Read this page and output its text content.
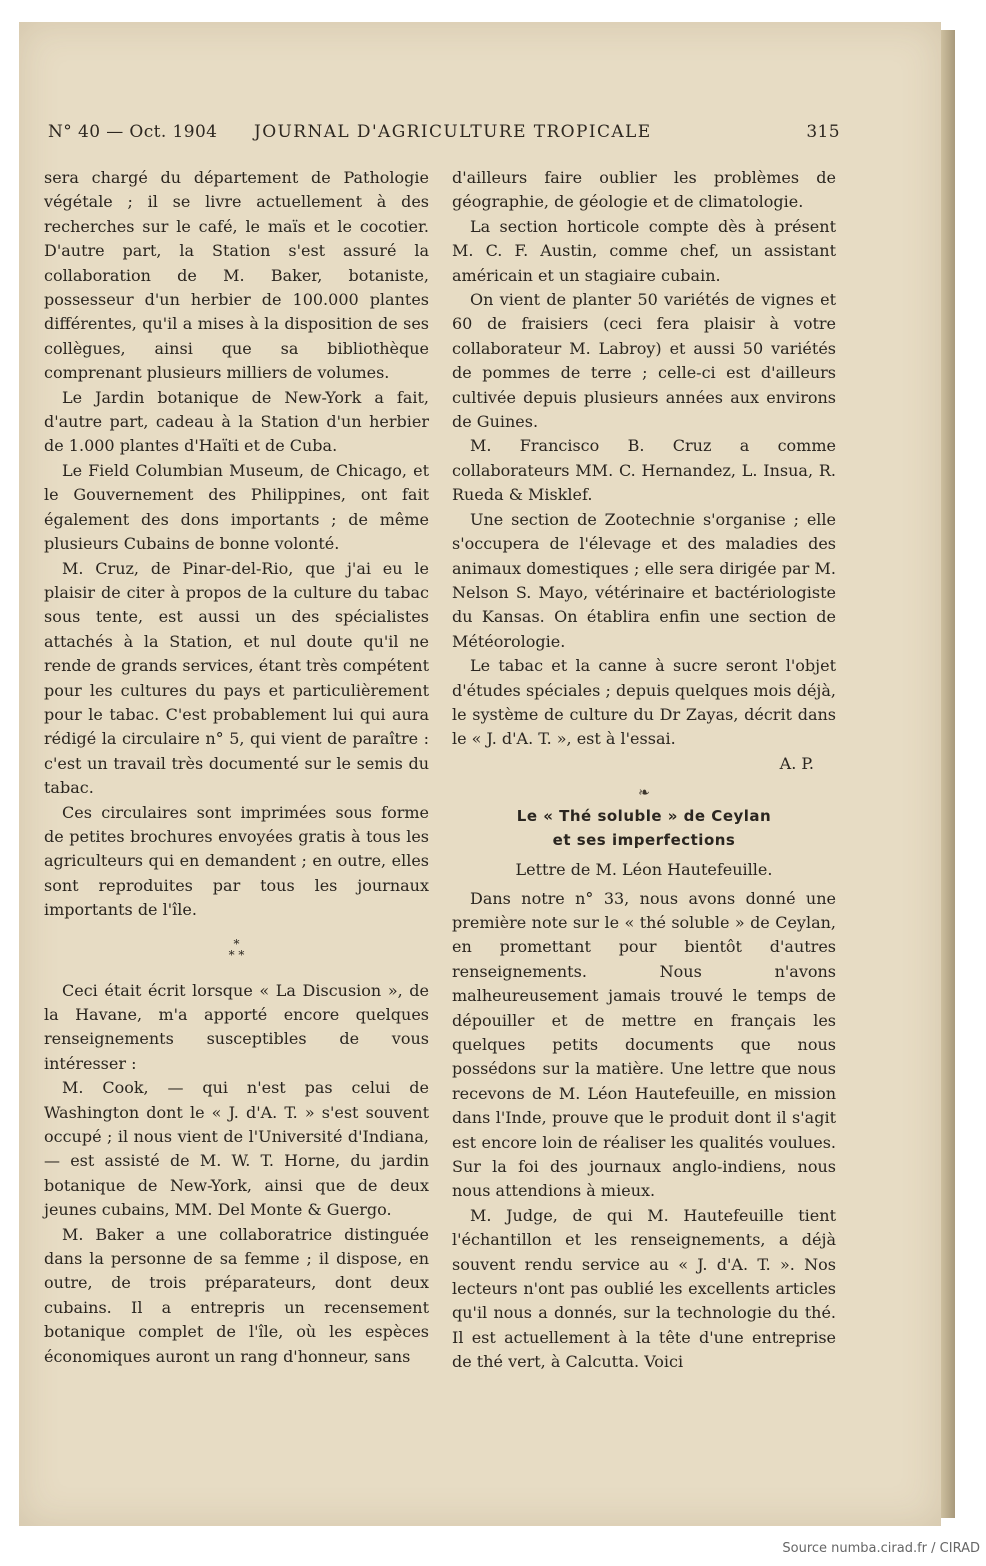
N° 40 — Oct. 1904 JOURNAL D'AGRICULTURE TROPICALE	315

sera chargé du département de Pathologie végétale ; il se livre actuellement à des recherches sur le café, le maïs et le cocotier. D'autre part, la Station s'est assuré la collaboration de M. Baker, botaniste, possesseur d'un herbier de 100.000 plantes différentes, qu'il a mises à la disposition de ses collègues, ainsi que sa bibliothèque comprenant plusieurs milliers de volumes.

Le Jardin botanique de New-York a fait, d'autre part, cadeau à la Station d'un herbier de 1.000 plantes d'Haïti et de Cuba.

Le Field Columbian Museum, de Chicago, et le Gouvernement des Philippines, ont fait également des dons importants ; de même plusieurs Cubains de bonne volonté.

M. Cruz, de Pinar-del-Rio, que j'ai eu le plaisir de citer à propos de la culture du tabac sous tente, est aussi un des spécialistes attachés à la Station, et nul doute qu'il ne rende de grands services, étant très compétent pour les cultures du pays et particulièrement pour le tabac. C'est probablement lui qui aura rédigé la circulaire n° 5, qui vient de paraître : c'est un travail très documenté sur le semis du tabac.

Ces circulaires sont imprimées sous forme de petites brochures envoyées gratis à tous les agriculteurs qui en demandent ; en outre, elles sont reproduites par tous les journaux importants de l'île.

*
* *

Ceci était écrit lorsque « La Discusion », de la Havane, m'a apporté encore quelques renseignements susceptibles de vous intéresser :

M. Cook, — qui n'est pas celui de Washington dont le « J. d'A. T. » s'est souvent occupé ; il nous vient de l'Université d'Indiana, — est assisté de M. W. T. Horne, du jardin botanique de New-York, ainsi que de deux jeunes cubains, MM. Del Monte & Guergo.

M. Baker a une collaboratrice distinguée dans la personne de sa femme ; il dispose, en outre, de trois préparateurs, dont deux cubains. Il a entrepris un recensement botanique complet de l'île, où les espèces économiques auront un rang d'honneur, sans

d'ailleurs faire oublier les problèmes de géographie, de géologie et de climatologie.

La section horticole compte dès à présent M. C. F. Austin, comme chef, un assistant américain et un stagiaire cubain.

On vient de planter 50 variétés de vignes et 60 de fraisiers (ceci fera plaisir à votre collaborateur M. Labroy) et aussi 50 variétés de pommes de terre ; celle-ci est d'ailleurs cultivée depuis plusieurs années aux environs de Guines.

M. Francisco B. Cruz a comme collaborateurs MM. C. Hernandez, L. Insua, R. Rueda & Misklef.

Une section de Zootechnie s'organise ; elle s'occupera de l'élevage et des maladies des animaux domestiques ; elle sera dirigée par M. Nelson S. Mayo, vétérinaire et bactériologiste du Kansas. On établira enfin une section de Météorologie.

Le tabac et la canne à sucre seront l'objet d'études spéciales ; depuis quelques mois déjà, le système de culture du Dr Zayas, décrit dans le « J. d'A. T. », est à l'essai.

A. P.

❧
Le « Thé soluble » de Ceylan
et ses imperfections

Lettre de M. Léon Hautefeuille.

Dans notre n° 33, nous avons donné une première note sur le « thé soluble » de Ceylan, en promettant pour bientôt d'autres renseignements. Nous n'avons malheureusement jamais trouvé le temps de dépouiller et de mettre en français les quelques petits documents que nous possédons sur la matière. Une lettre que nous recevons de M. Léon Hautefeuille, en mission dans l'Inde, prouve que le produit dont il s'agit est encore loin de réaliser les qualités voulues. Sur la foi des journaux anglo-indiens, nous nous attendions à mieux.

M. Judge, de qui M. Hautefeuille tient l'échantillon et les renseignements, a déjà souvent rendu service au « J. d'A. T. ». Nos lecteurs n'ont pas oublié les excellents articles qu'il nous a donnés, sur la technologie du thé. Il est actuellement à la tête d'une entreprise de thé vert, à Calcutta. Voici

Source numba.cirad.fr / CIRAD
